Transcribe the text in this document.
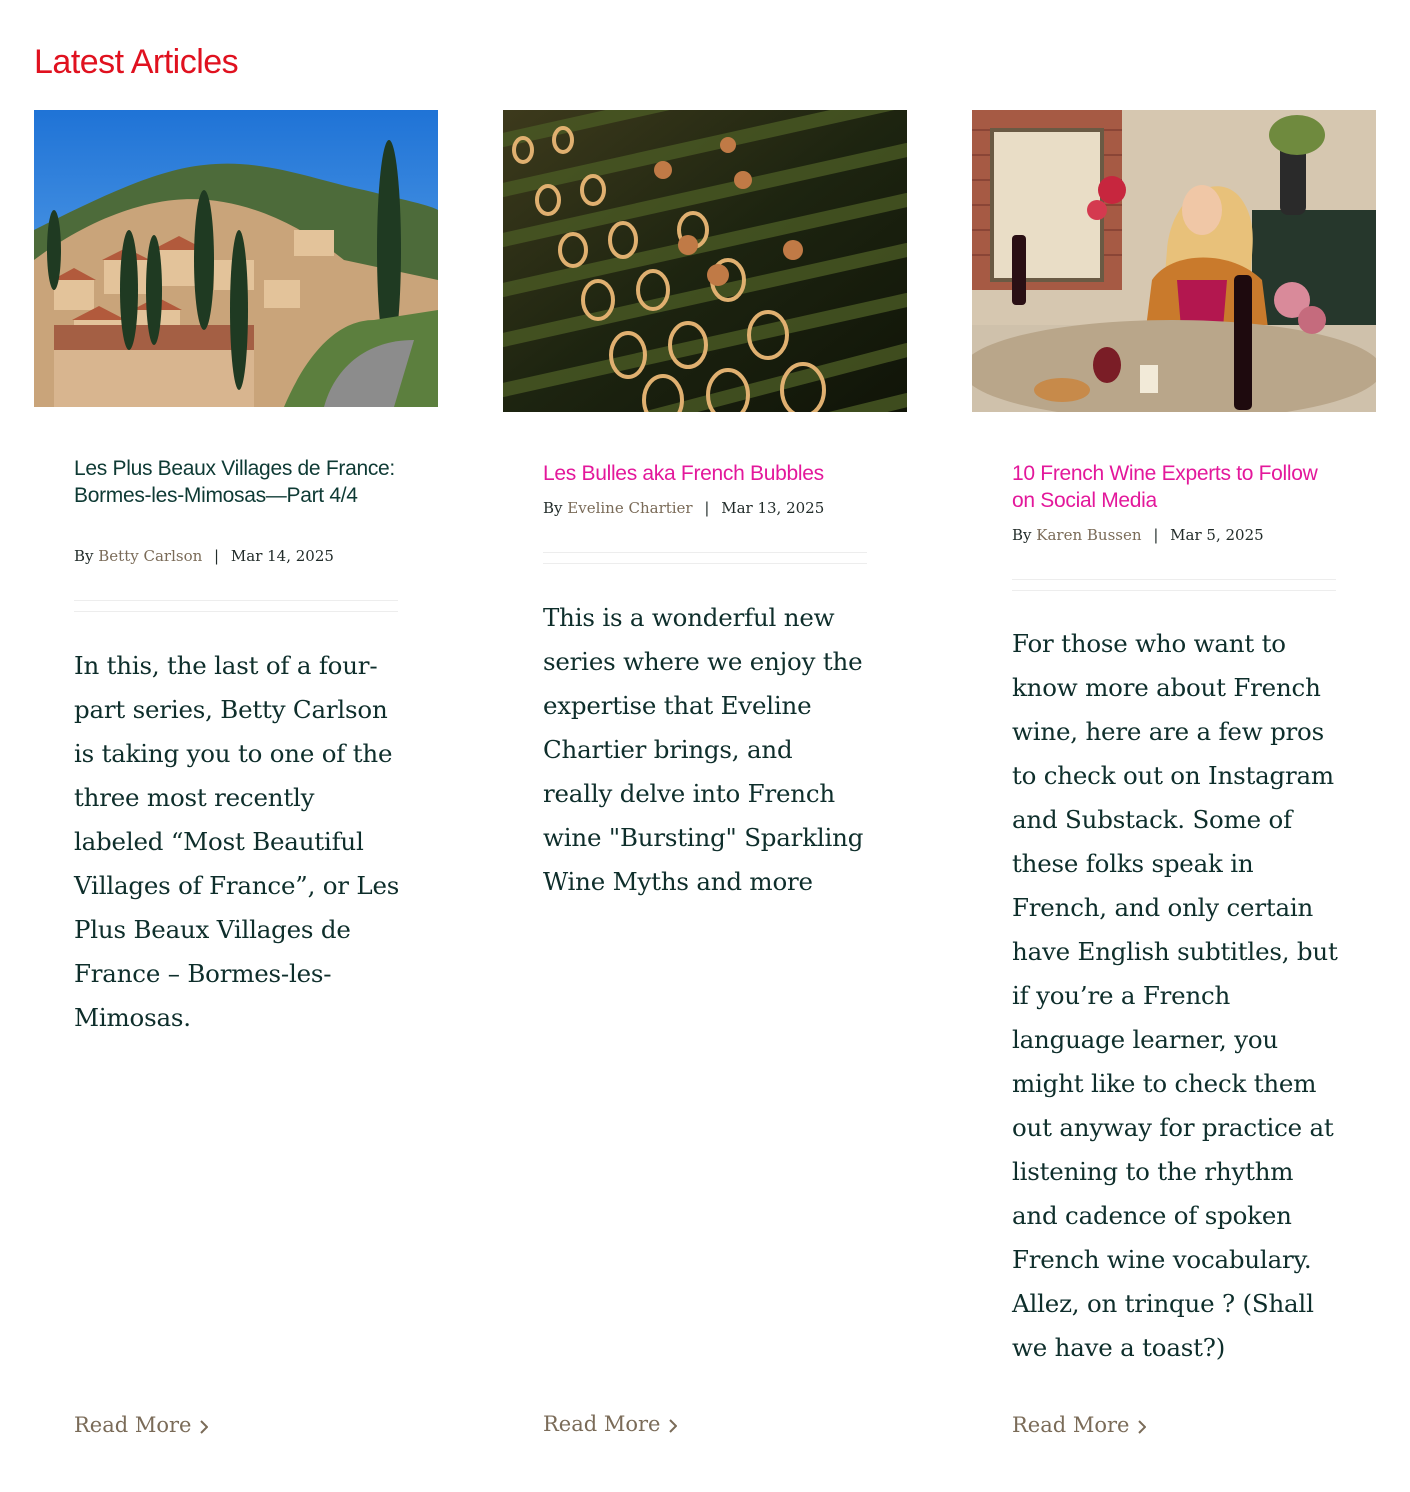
Latest Articles
Les Plus Beaux Villages de France: Bormes-les-Mimosas—Part 4/4
By Betty Carlson | Mar 14, 2025

In this, the last of a four-part series, Betty Carlson is taking you to one of the three most recently labeled “Most Beautiful Villages of France”, or Les Plus Beaux Villages de France – Bormes-les-Mimosas.

Read More
Les Bulles aka French Bubbles
By Eveline Chartier | Mar 13, 2025

This is a wonderful new series where we enjoy the expertise that Eveline Chartier brings, and really delve into French wine "Bursting" Sparkling Wine Myths and more

Read More
10 French Wine Experts to Follow on Social Media
By Karen Bussen | Mar 5, 2025

For those who want to know more about French wine, here are a few pros to check out on Instagram and Substack. Some of these folks speak in French, and only certain have English subtitles, but if you’re a French language learner, you might like to check them out anyway for practice at listening to the rhythm and cadence of spoken French wine vocabulary. Allez, on trinque ? (Shall we have a toast?)

Read More
